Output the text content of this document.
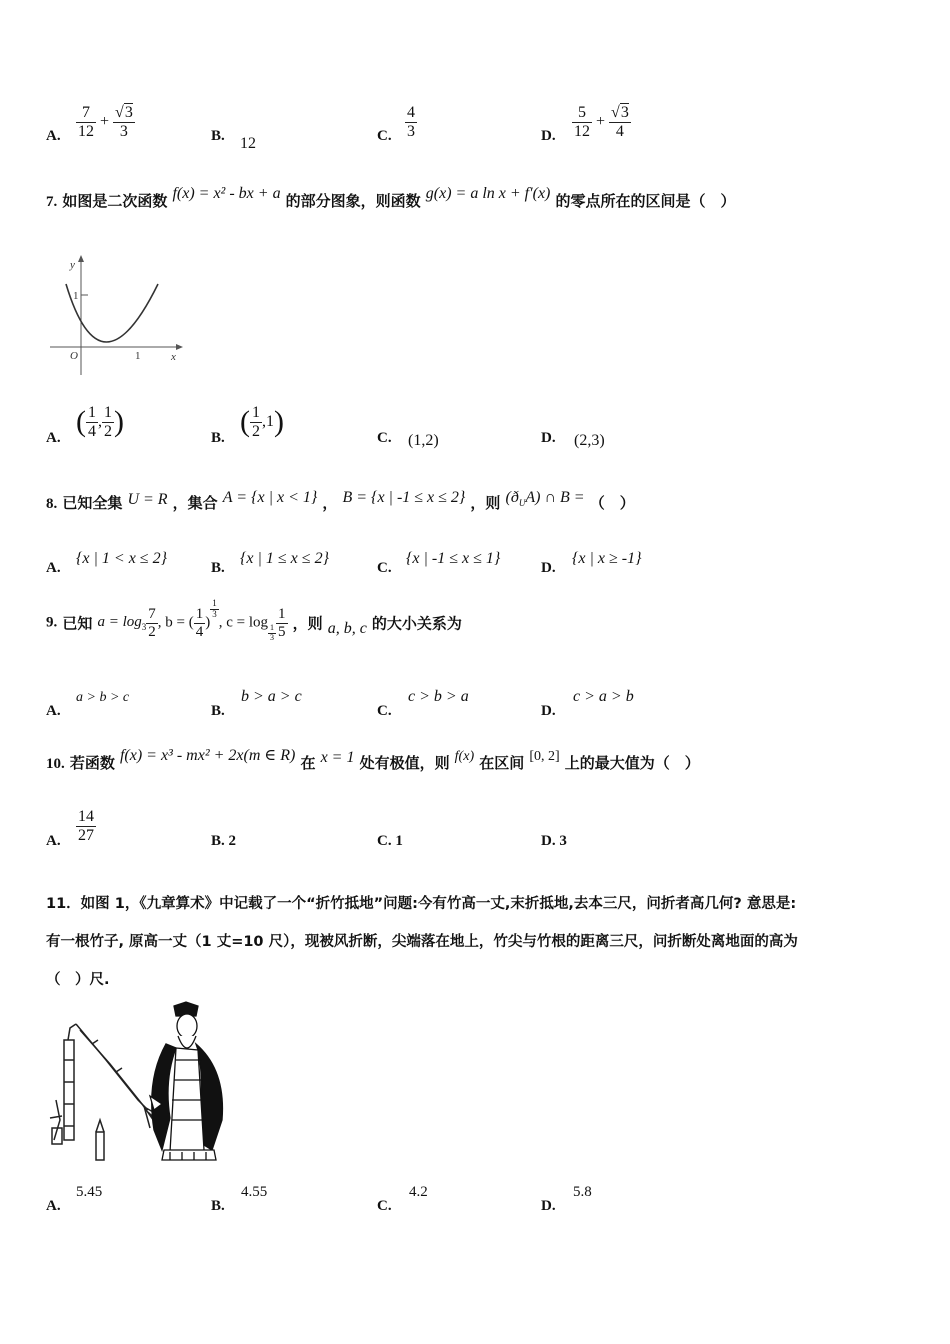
A. $\frac{7}{12} + \frac{√3}{3}$	B. 12	C. $\frac{4}{3}$	D. $\frac{5}{12} + \frac{√3}{4}$
7. 如图是二次函数 f(x) = x² - bx + a 的部分图象，则函数 g(x) = a ln x + f′(x) 的零点所在的区间是（　）
y
x
O
1
1
A. ( $\frac{1}{4}$ , $\frac{1}{2}$ )	B. ( $\frac{1}{2} ,1$)	C. (1,2)	D. (2,3)
8. 已知全集 U = R ，集合 A = {x | x < 1} ， B = {x | -1 ≤ x ≤ 2} ，则 $(ð_UA)$ ∩ B = （　）
A.
{x | 1 < x ≤ 2}
B.
{x | 1 ≤ x ≤ 2}
C.
{x | -1 ≤ x ≤ 1}
D.
{x | x ≥ -1}
9. 已知 $a = \log_3 \frac{7}{2}$ , b = ( $\frac{1}{4}$ )
$\frac{1}{3}$
, c = log
$\frac{1}{3} \frac{1}{5}$ ，则 a, b, c 的大小关系为
A.
a > b > c
B.
b > a > c
C.
c > b > a
D.
c > a > b
10. 若函数 f(x) = x³ - mx² + 2x(m ∈ R) 在 x = 1 处有极值，则 f(x) 在区间 [0, 2] 上的最大值为（　）
A. $\frac{14}{27}$	B. 2	C. 1	D. 3
11．如图 1，《九章算术》中记载了一个“折竹抵地”问题:今有竹高一丈,末折抵地,去本三尺，问折者高几何? 意思是:
有一根竹子, 原高一丈（1 丈=10 尺），现被风折断，尖端落在地上，竹尖与竹根的距离三尺，问折断处离地面的高为
（　）尺.
A.
5.45
B.
4.55
C.
4.2
D.
5.8
